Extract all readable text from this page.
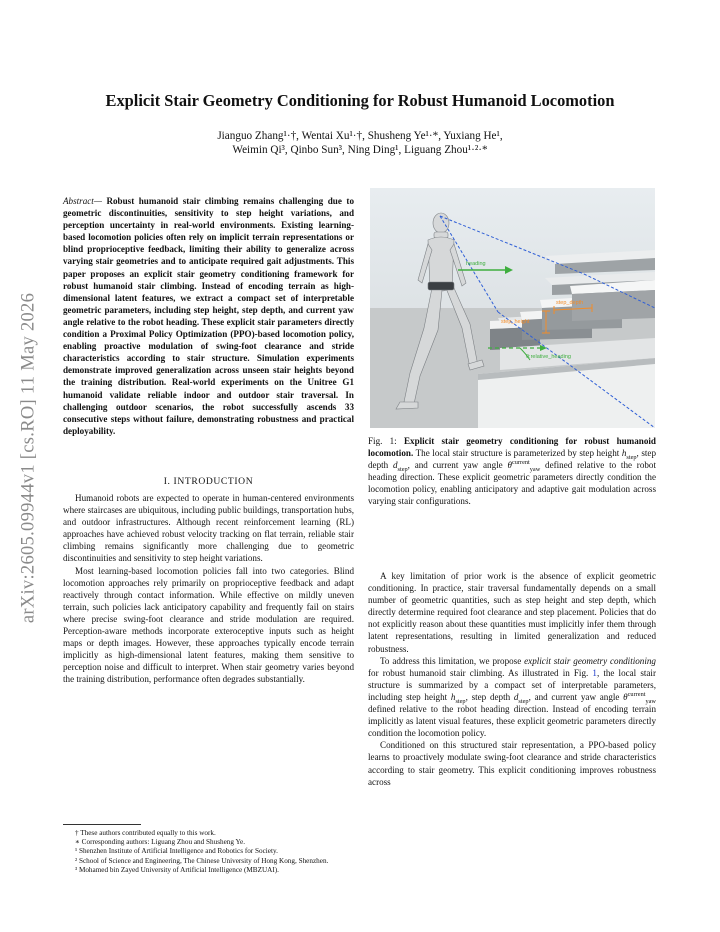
Explicit Stair Geometry Conditioning for Robust Humanoid Locomotion
Jianguo Zhang¹·†, Wentai Xu¹·†, Shusheng Ye¹·*, Yuxiang He¹,
Weimin Qi³, Qinbo Sun³, Ning Ding¹, Liguang Zhou¹·²·*
arXiv:2605.09944v1 [cs.RO] 11 May 2026

Abstract— Robust humanoid stair climbing remains challenging due to geometric discontinuities, sensitivity to step height variations, and perception uncertainty in real-world environments. Existing learning-based locomotion policies often rely on implicit terrain representations or blind proprioceptive feedback, limiting their ability to generalize across varying stair geometries and to anticipate required gait adjustments. This paper proposes an explicit stair geometry conditioning framework for robust humanoid stair climbing. Instead of encoding terrain as high-dimensional latent features, we extract a compact set of interpretable geometric parameters, including step height, step depth, and current yaw angle relative to the robot heading. These explicit stair parameters directly condition a Proximal Policy Optimization (PPO)-based locomotion policy, enabling proactive modulation of swing-foot clearance and stride characteristics according to stair structure. Simulation experiments demonstrate improved generalization across unseen stair heights beyond the training distribution. Real-world experiments on the Unitree G1 humanoid validate reliable indoor and outdoor stair traversal. In challenging outdoor scenarios, the robot successfully ascends 33 consecutive steps without failure, demonstrating robustness and practical deployability.

I. INTRODUCTION

Humanoid robots are expected to operate in human-centered environments where staircases are ubiquitous, including public buildings, transportation hubs, and outdoor infrastructures. Although recent reinforcement learning (RL) approaches have achieved robust velocity tracking on flat terrain, reliable stair climbing remains significantly more challenging due to geometric discontinuities and sensitivity to step height variations.

Most learning-based locomotion policies fall into two categories. Blind locomotion approaches rely primarily on proprioceptive feedback and adapt reactively through contact information. While effective on mildly uneven terrain, such policies lack anticipatory capability and frequently fail on stairs where precise swing-foot clearance and stride modulation are required. Perception-aware methods incorporate exteroceptive inputs such as height maps or depth images. However, these approaches typically encode terrain implicitly as high-dimensional latent features, making them sensitive to perception noise and difficult to interpret. When stair geometry varies beyond the training distribution, performance often degrades substantially.

† These authors contributed equally to this work.

∗ Corresponding authors: Liguang Zhou and Shusheng Ye.

¹ Shenzhen Institute of Artificial Intelligence and Robotics for Society.

² School of Science and Engineering, The Chinese University of Hong Kong, Shenzhen.

³ Mohamed bin Zayed University of Artificial Intelligence (MBZUAI).

heading
step_depth
step_height
θ:relative_heading

Fig. 1: Explicit stair geometry conditioning for robust humanoid locomotion. The local stair structure is parameterized by step height $h_{step}$, step depth $d_{step}$, and current yaw angle $\theta^{current}_{yaw}$ defined relative to the robot heading direction. These explicit geometric parameters directly condition the locomotion policy, enabling anticipatory and adaptive gait modulation across varying stair configurations.

A key limitation of prior work is the absence of explicit geometric conditioning. In practice, stair traversal fundamentally depends on a small number of geometric quantities, such as step height and step depth, which directly determine required foot clearance and step placement. Policies that do not explicitly reason about these quantities must implicitly infer them through latent representations, resulting in limited generalization and reduced robustness.

To address this limitation, we propose explicit stair geometry conditioning for robust humanoid stair climbing. As illustrated in Fig. 1, the local stair structure is summarized by a compact set of interpretable parameters, including step height $h_{step}$, step depth $d_{step}$, and current yaw angle $\theta^{current}_{yaw}$ defined relative to the robot heading direction. Instead of encoding terrain implicitly as latent visual features, these explicit geometric parameters directly condition the locomotion policy.

Conditioned on this structured stair representation, a PPO-based policy learns to proactively modulate swing-foot clearance and stride characteristics according to stair geometry. This explicit conditioning improves robustness across
